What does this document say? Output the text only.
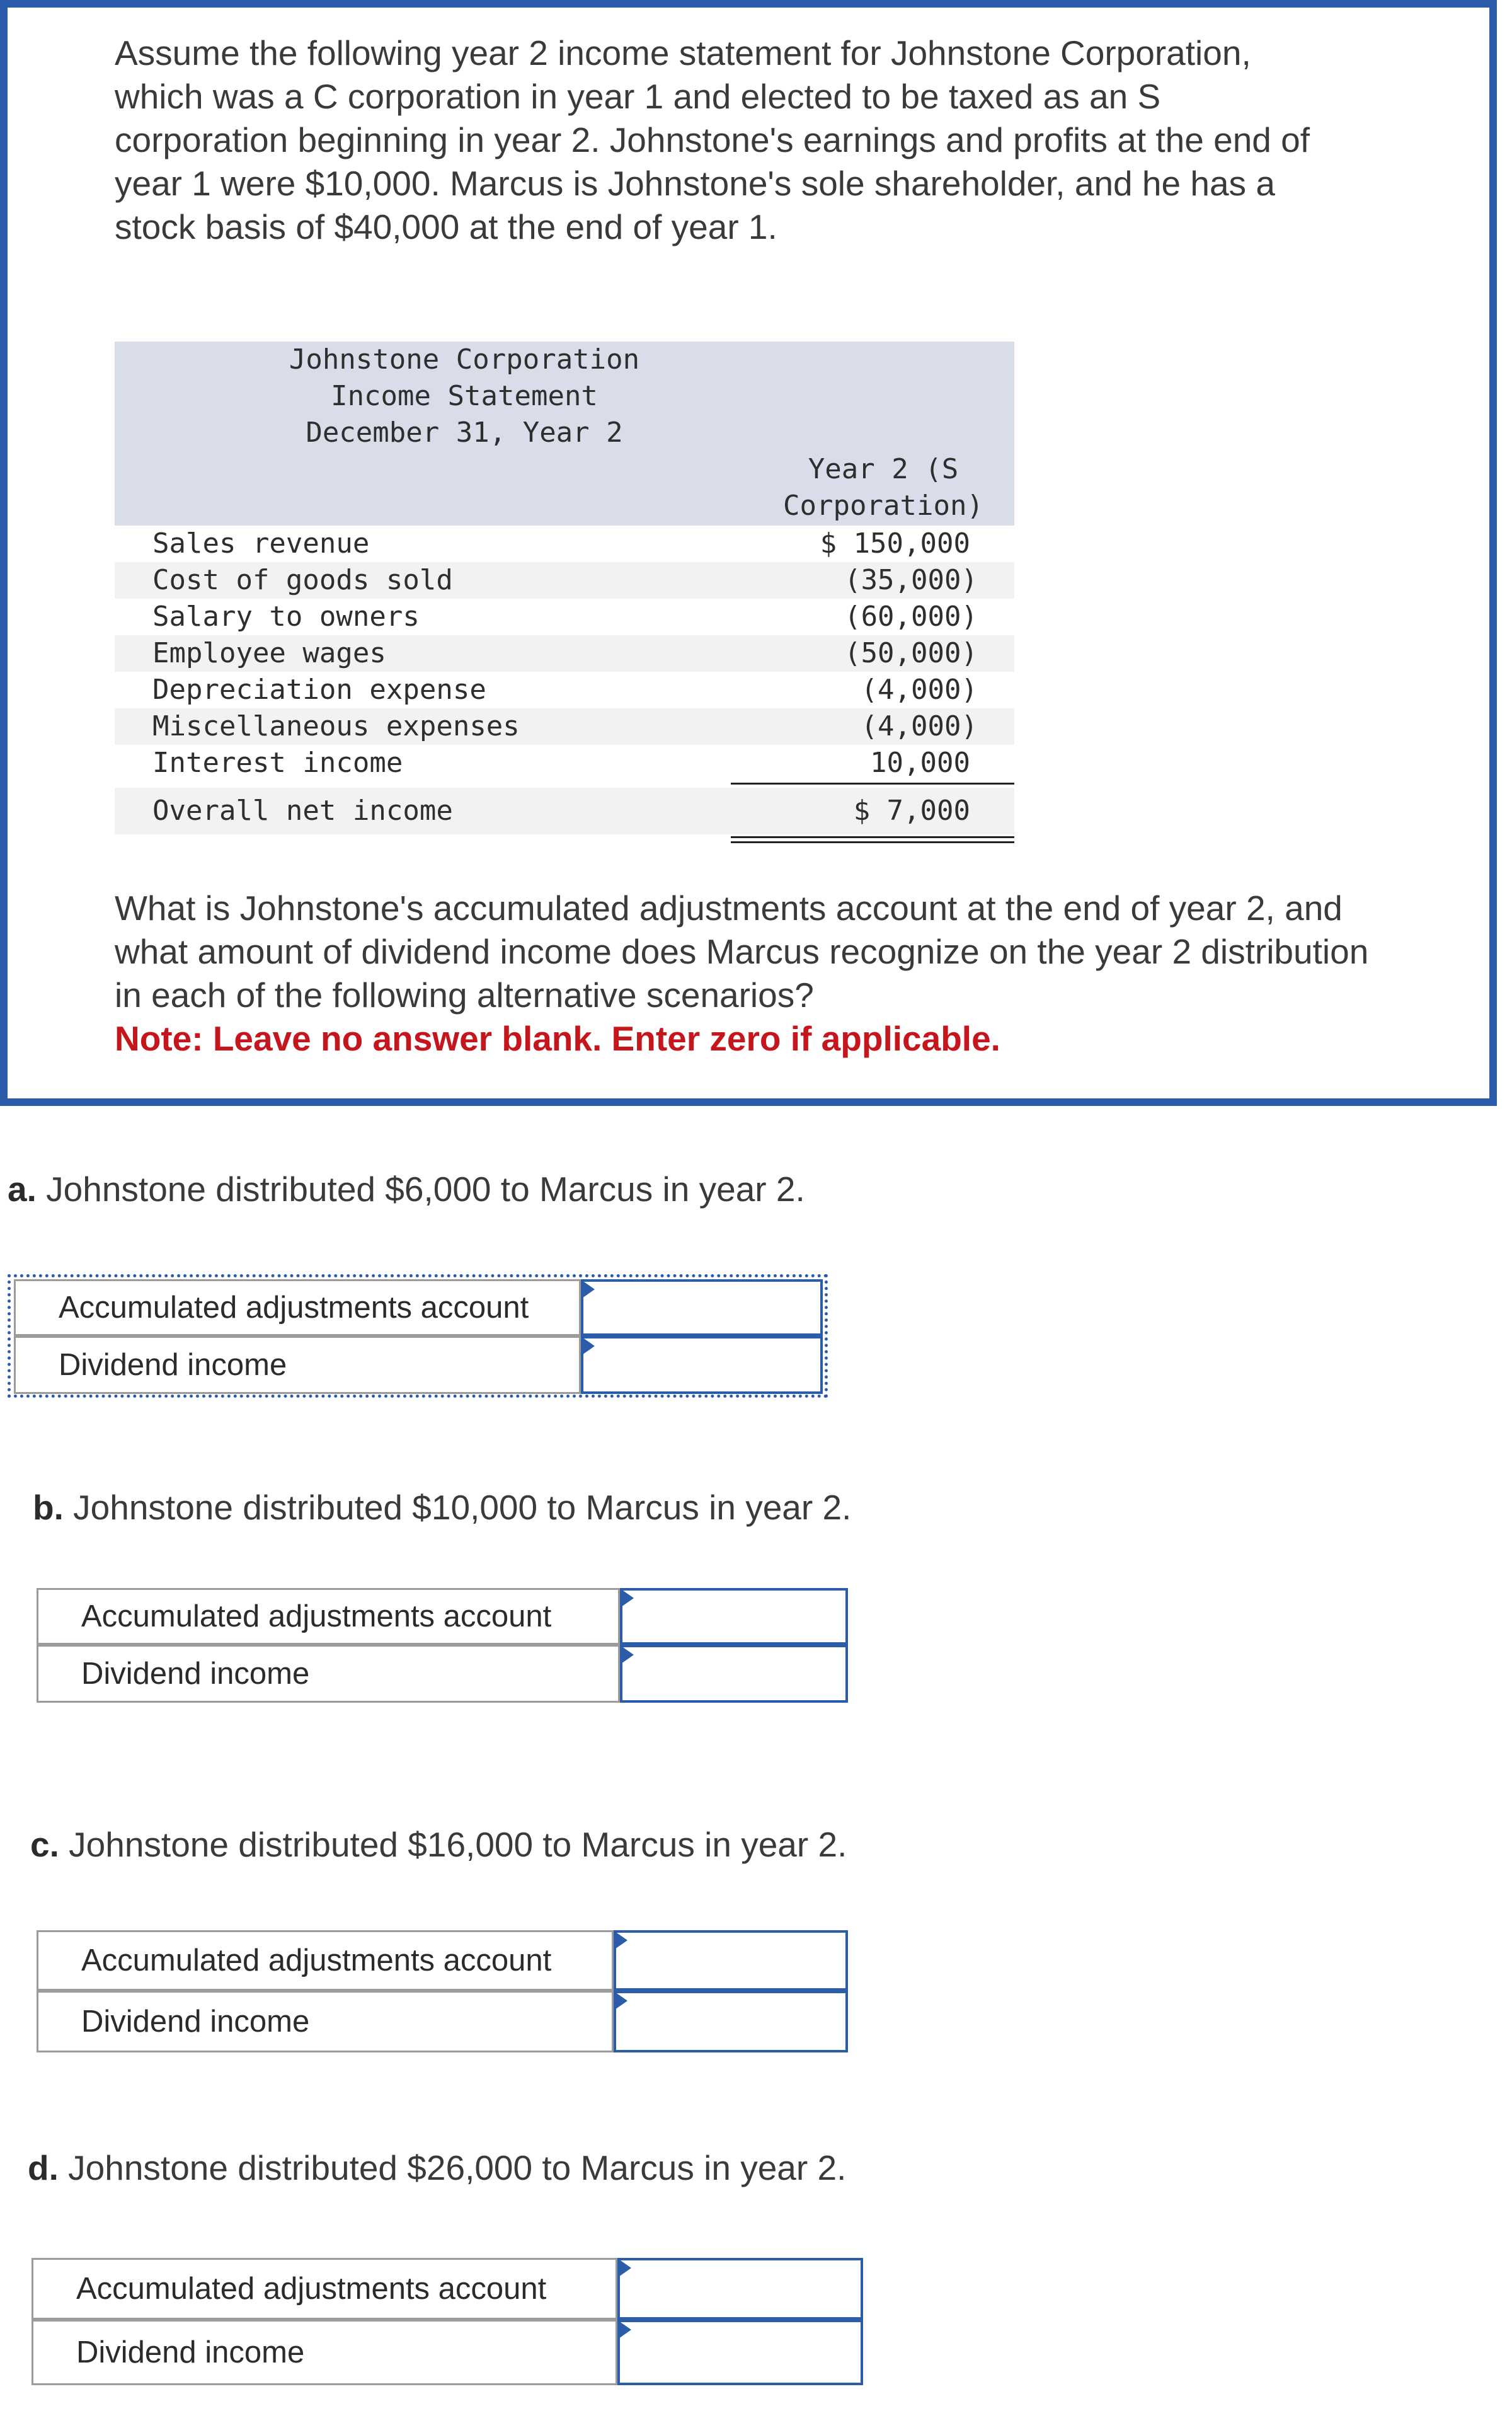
Assume the following year 2 income statement for Johnstone Corporation, which was a C corporation in year 1 and elected to be taxed as an S corporation beginning in year 2. Johnstone's earnings and profits at the end of year 1 were $10,000. Marcus is Johnstone's sole shareholder, and he has a stock basis of $40,000 at the end of year 1.
Johnstone Corporation
Income Statement
December 31, Year 2
Year 2 (S
Corporation)
Sales revenue	$ 150,000
Cost of goods sold	(35,000)
Salary to owners	(60,000)
Employee wages	(50,000)
Depreciation expense	(4,000)
Miscellaneous expenses	(4,000)
Interest income	10,000
Overall net income	$ 7,000
What is Johnstone's accumulated adjustments account at the end of year 2, and what amount of dividend income does Marcus recognize on the year 2 distribution in each of the following alternative scenarios?
Note: Leave no answer blank. Enter zero if applicable.
a. Johnstone distributed $6,000 to Marcus in year 2.
Accumulated adjustments account
Dividend income
b. Johnstone distributed $10,000 to Marcus in year 2.
Accumulated adjustments account
Dividend income
c. Johnstone distributed $16,000 to Marcus in year 2.
Accumulated adjustments account
Dividend income
d. Johnstone distributed $26,000 to Marcus in year 2.
Accumulated adjustments account
Dividend income
